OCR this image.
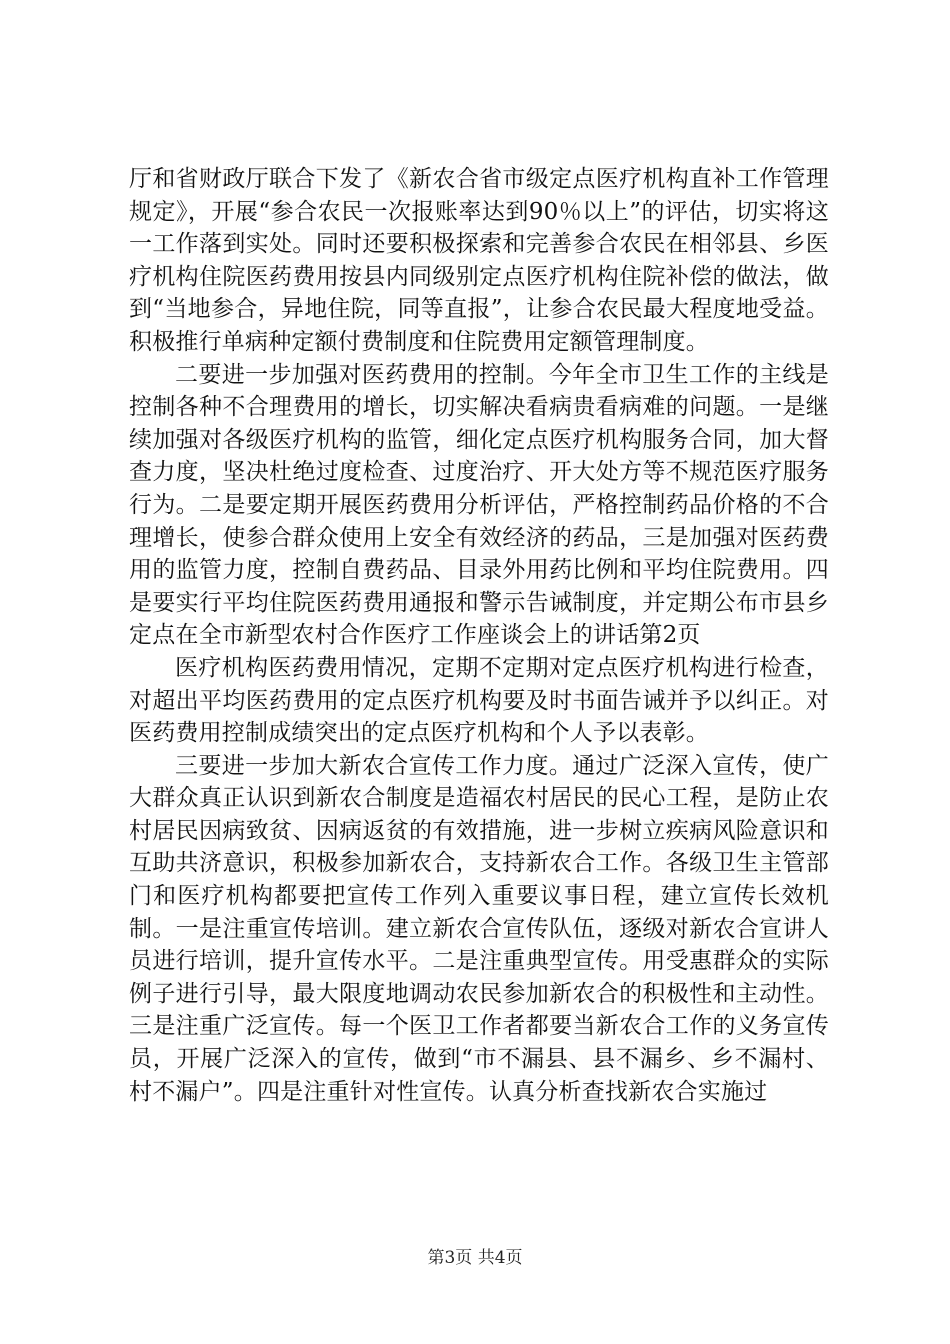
厅和省财政厅联合下发了《新农合省市级定点医疗机构直补工作管理规定》，开展“参合农民一次报账率达到90％以上”的评估，切实将这一工作落到实处。同时还要积极探索和完善参合农民在相邻县、乡医疗机构住院医药费用按县内同级别定点医疗机构住院补偿的做法，做到“当地参合，异地住院，同等直报”，让参合农民最大程度地受益。积极推行单病种定额付费制度和住院费用定额管理制度。

二要进一步加强对医药费用的控制。今年全市卫生工作的主线是控制各种不合理费用的增长，切实解决看病贵看病难的问题。一是继续加强对各级医疗机构的监管，细化定点医疗机构服务合同，加大督查力度，坚决杜绝过度检查、过度治疗、开大处方等不规范医疗服务行为。二是要定期开展医药费用分析评估，严格控制药品价格的不合理增长，使参合群众使用上安全有效经济的药品，三是加强对医药费用的监管力度，控制自费药品、目录外用药比例和平均住院费用。四是要实行平均住院医药费用通报和警示告诫制度，并定期公布市县乡定点在全市新型农村合作医疗工作座谈会上的讲话第2页

医疗机构医药费用情况，定期不定期对定点医疗机构进行检查，对超出平均医药费用的定点医疗机构要及时书面告诫并予以纠正。对医药费用控制成绩突出的定点医疗机构和个人予以表彰。

三要进一步加大新农合宣传工作力度。通过广泛深入宣传，使广大群众真正认识到新农合制度是造福农村居民的民心工程，是防止农村居民因病致贫、因病返贫的有效措施，进一步树立疾病风险意识和互助共济意识，积极参加新农合，支持新农合工作。各级卫生主管部门和医疗机构都要把宣传工作列入重要议事日程，建立宣传长效机制。一是注重宣传培训。建立新农合宣传队伍，逐级对新农合宣讲人员进行培训，提升宣传水平。二是注重典型宣传。用受惠群众的实际例子进行引导，最大限度地调动农民参加新农合的积极性和主动性。三是注重广泛宣传。每一个医卫工作者都要当新农合工作的义务宣传员，开展广泛深入的宣传，做到“市不漏县、县不漏乡、乡不漏村、村不漏户”。四是注重针对性宣传。认真分析查找新农合实施过

第3页 共4页
